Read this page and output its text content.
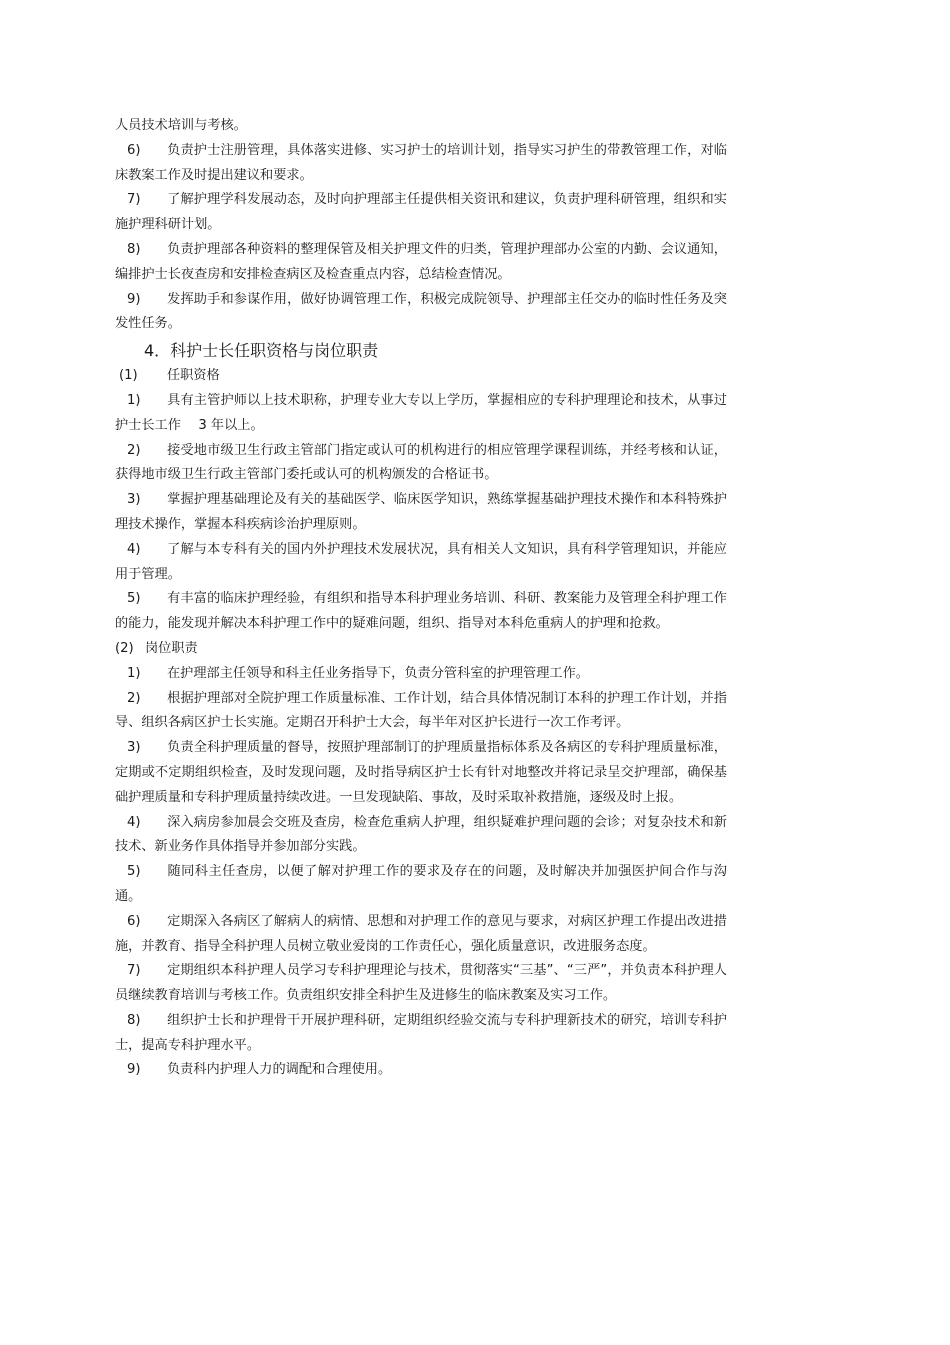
人员技术培训与考核。

6) 负责护士注册管理，具体落实进修、实习护士的培训计划，指导实习护生的带教管理工作，对临床教案工作及时提出建议和要求。

7) 了解护理学科发展动态，及时向护理部主任提供相关资讯和建议，负责护理科研管理，组织和实施护理科研计划。

8) 负责护理部各种资料的整理保管及相关护理文件的归类，管理护理部办公室的内勤、会议通知，编排护士长夜查房和安排检查病区及检查重点内容，总结检查情况。

9) 发挥助手和参谋作用，做好协调管理工作，积极完成院领导、护理部主任交办的临时性任务及突发性任务。

4．科护士长任职资格与岗位职责

(1) 任职资格

1) 具有主管护师以上技术职称，护理专业大专以上学历，掌握相应的专科护理理论和技术，从事过护士长工作　 3 年以上。

2) 接受地市级卫生行政主管部门指定或认可的机构进行的相应管理学课程训练，并经考核和认证，获得地市级卫生行政主管部门委托或认可的机构颁发的合格证书。

3) 掌握护理基础理论及有关的基础医学、临床医学知识，熟练掌握基础护理技术操作和本科特殊护理技术操作，掌握本科疾病诊治护理原则。

4) 了解与本专科有关的国内外护理技术发展状况，具有相关人文知识，具有科学管理知识，并能应用于管理。

5) 有丰富的临床护理经验，有组织和指导本科护理业务培训、科研、教案能力及管理全科护理工作的能力，能发现并解决本科护理工作中的疑难问题，组织、指导对本科危重病人的护理和抢救。

(2) 岗位职责

1) 在护理部主任领导和科主任业务指导下，负责分管科室的护理管理工作。

2) 根据护理部对全院护理工作质量标准、工作计划，结合具体情况制订本科的护理工作计划，并指导、组织各病区护士长实施。定期召开科护士大会，每半年对区护长进行一次工作考评。

3) 负责全科护理质量的督导，按照护理部制订的护理质量指标体系及各病区的专科护理质量标准，定期或不定期组织检查，及时发现问题，及时指导病区护士长有针对地整改并将记录呈交护理部，确保基础护理质量和专科护理质量持续改进。一旦发现缺陷、事故，及时采取补救措施，逐级及时上报。

4) 深入病房参加晨会交班及查房，检查危重病人护理，组织疑难护理问题的会诊；对复杂技术和新技术、新业务作具体指导并参加部分实践。

5) 随同科主任查房，以便了解对护理工作的要求及存在的问题，及时解决并加强医护间合作与沟通。

6) 定期深入各病区了解病人的病情、思想和对护理工作的意见与要求，对病区护理工作提出改进措施，并教育、指导全科护理人员树立敬业爱岗的工作责任心，强化质量意识，改进服务态度。

7) 定期组织本科护理人员学习专科护理理论与技术，贯彻落实“三基”、“三严”，并负责本科护理人员继续教育培训与考核工作。负责组织安排全科护生及进修生的临床教案及实习工作。

8) 组织护士长和护理骨干开展护理科研，定期组织经验交流与专科护理新技术的研究，培训专科护士，提高专科护理水平。

9) 负责科内护理人力的调配和合理使用。
